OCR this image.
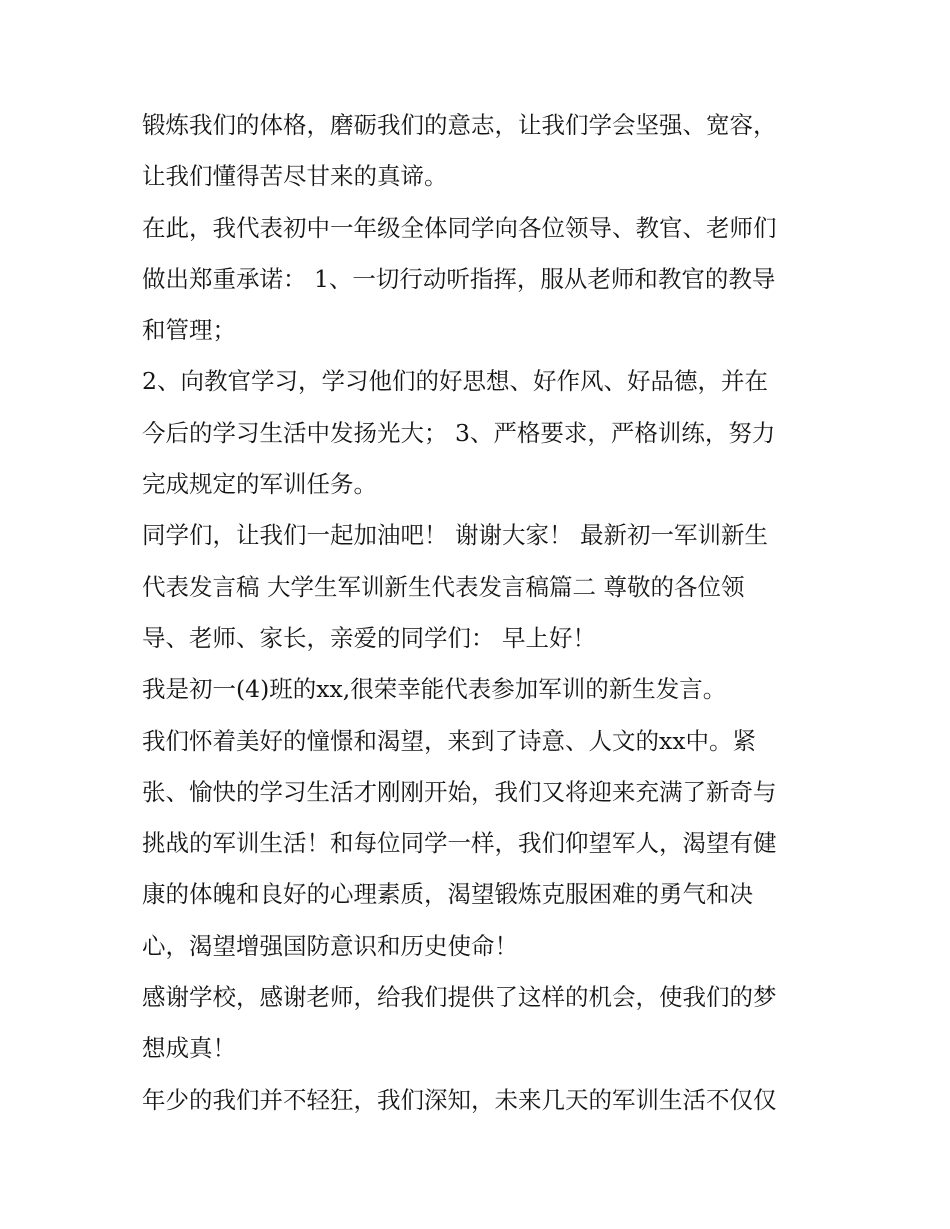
锻炼我们的体格，磨砺我们的意志，让我们学会坚强、宽容，
让我们懂得苦尽甘来的真谛。
在此，我代表初中一年级全体同学向各位领导、教官、老师们
做出郑重承诺： 1、一切行动听指挥，服从老师和教官的教导
和管理；
2、向教官学习，学习他们的好思想、好作风、好品德，并在
今后的学习生活中发扬光大； 3、严格要求，严格训练，努力
完成规定的军训任务。
同学们，让我们一起加油吧！ 谢谢大家！ 最新初一军训新生
代表发言稿 大学生军训新生代表发言稿篇二 尊敬的各位领
导、老师、家长，亲爱的同学们： 早上好！
我是初一(4)班的xx,很荣幸能代表参加军训的新生发言。
我们怀着美好的憧憬和渴望，来到了诗意、人文的xx中。紧
张、愉快的学习生活才刚刚开始，我们又将迎来充满了新奇与
挑战的军训生活！和每位同学一样，我们仰望军人，渴望有健
康的体魄和良好的心理素质，渴望锻炼克服困难的勇气和决
心，渴望增强国防意识和历史使命！
感谢学校，感谢老师，给我们提供了这样的机会，使我们的梦
想成真！
年少的我们并不轻狂，我们深知，未来几天的军训生活不仅仅
